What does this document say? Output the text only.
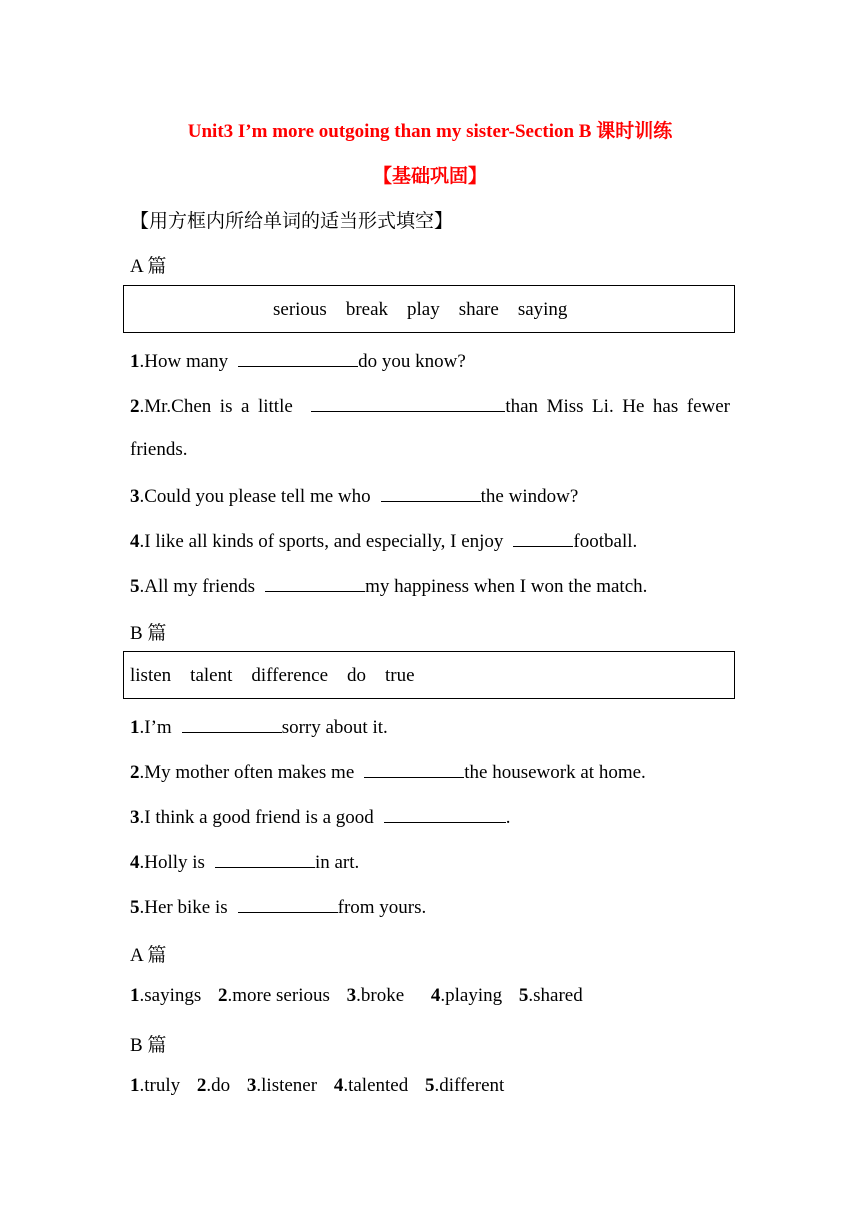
Unit3 I’m more outgoing than my sister-Section B 课时训练
【基础巩固】
【用方框内所给单词的适当形式填空】
A 篇
serious    break    play    share    saying
1.How many	do you know?
2.Mr.Chen is a little	than Miss Li. He has fewer
friends.
3.Could you please tell me who	the window?
4.I like all kinds of sports, and especially, I enjoy	football.
5.All my friends	my happiness when I won the match.
B 篇
listen    talent    difference    do    true
1.I’m	sorry about it.
2.My mother often makes me	the housework at home.
3.I think a good friend is a good	.
4.Holly is	in art.
5.Her bike is	from yours.
A 篇
1.sayings 2.more serious 3.broke 4.playing 5.shared
B 篇
1.truly 2.do 3.listener 4.talented 5.different
